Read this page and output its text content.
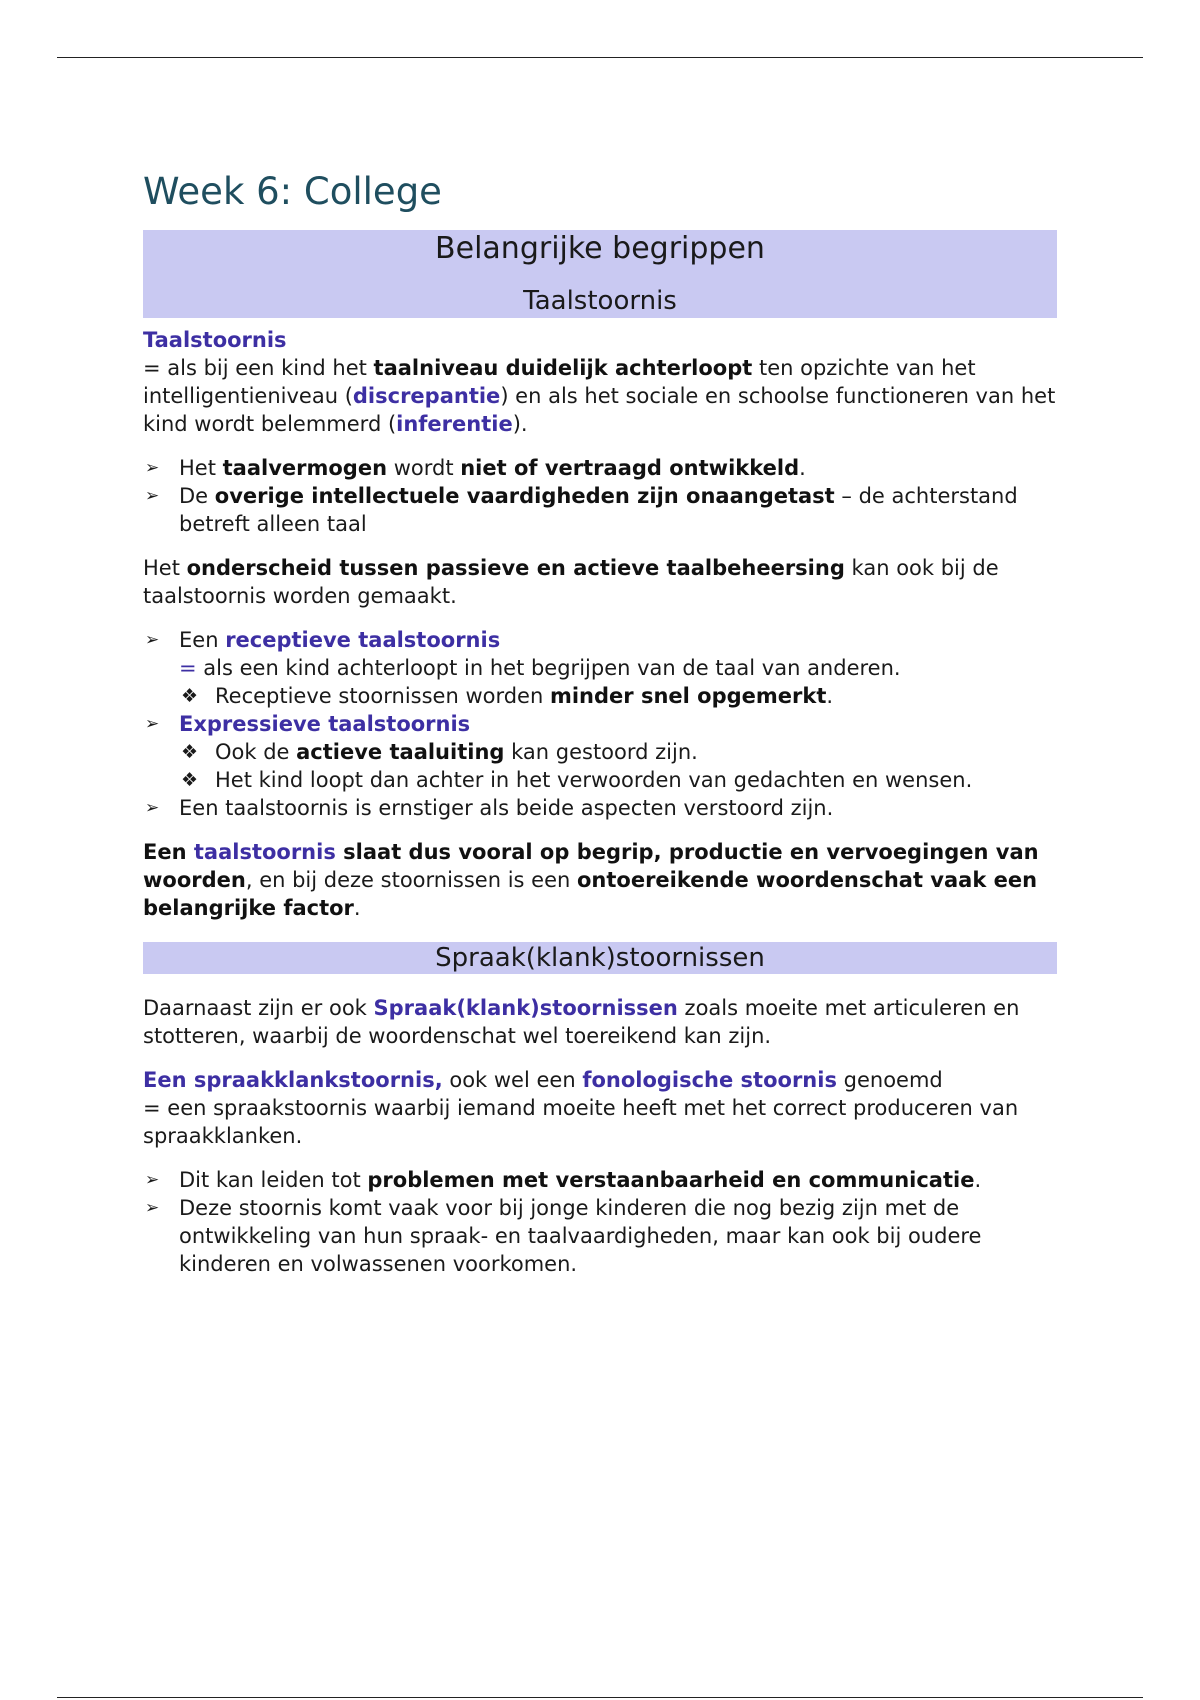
Week 6: College
Belangrijke begrippen
Taalstoornis

Taalstoornis
= als bij een kind het taalniveau duidelijk achterloopt ten opzichte van het intelligentieniveau (discrepantie) en als het sociale en schoolse functioneren van het kind wordt belemmerd (inferentie).

➢ Het taalvermogen wordt niet of vertraagd ontwikkeld.
➢ De overige intellectuele vaardigheden zijn onaangetast – de achterstand betreft alleen taal

Het onderscheid tussen passieve en actieve taalbeheersing kan ook bij de taalstoornis worden gemaakt.

➢ Een receptieve taalstoornis
= als een kind achterloopt in het begrijpen van de taal van anderen.
❖ Receptieve stoornissen worden minder snel opgemerkt.
➢ Expressieve taalstoornis
❖ Ook de actieve taaluiting kan gestoord zijn.
❖ Het kind loopt dan achter in het verwoorden van gedachten en wensen.
➢ Een taalstoornis is ernstiger als beide aspecten verstoord zijn.

Een taalstoornis slaat dus vooral op begrip, productie en vervoegingen van woorden, en bij deze stoornissen is een ontoereikende woordenschat vaak een belangrijke factor.

Spraak(klank)stoornissen

Daarnaast zijn er ook Spraak(klank)stoornissen zoals moeite met articuleren en stotteren, waarbij de woordenschat wel toereikend kan zijn.

Een spraakklankstoornis, ook wel een fonologische stoornis genoemd
= een spraakstoornis waarbij iemand moeite heeft met het correct produceren van spraakklanken.

➢ Dit kan leiden tot problemen met verstaanbaarheid en communicatie.
➢ Deze stoornis komt vaak voor bij jonge kinderen die nog bezig zijn met de ontwikkeling van hun spraak- en taalvaardigheden, maar kan ook bij oudere kinderen en volwassenen voorkomen.
